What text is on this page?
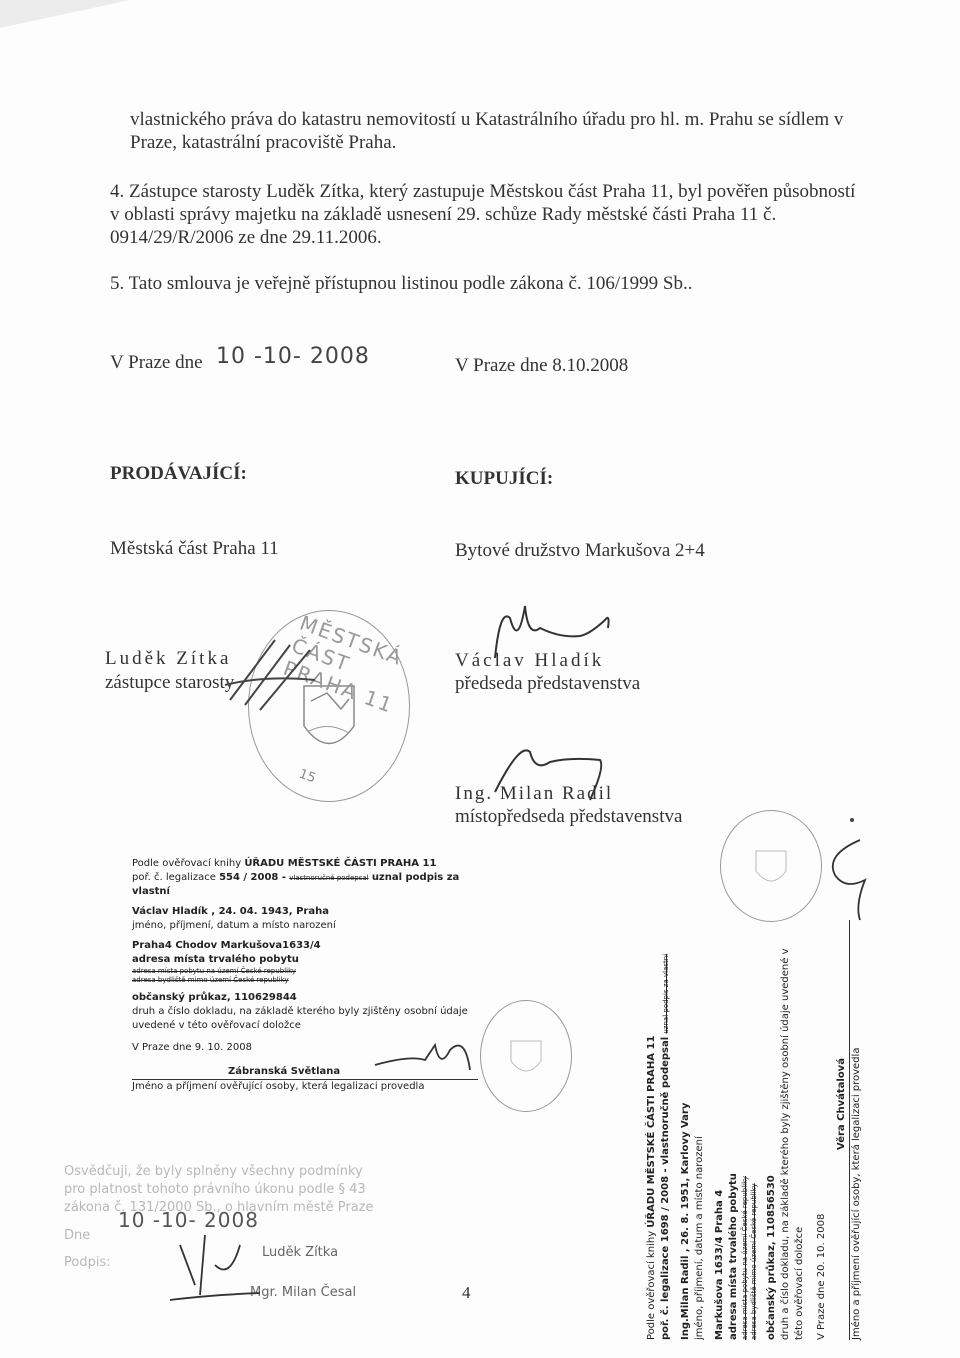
vlastnického práva do katastru nemovitostí u Katastrálního úřadu pro hl. m. Prahu se sídlem v Praze, katastrální pracoviště Praha.
4. Zástupce starosty Luděk Zítka, který zastupuje Městskou část Praha 11, byl pověřen působností v oblasti správy majetku na základě usnesení 29. schůze Rady městské části Praha 11 č. 0914/29/R/2006 ze dne 29.11.2006.
5. Tato smlouva je veřejně přístupnou listinou podle zákona č. 106/1999 Sb..
V Praze dne 10 -10- 2008	V Praze dne 8.10.2008
PRODÁVAJÍCÍ:	KUPUJÍCÍ:
Městská část Praha 11	Bytové družstvo Markušova 2+4
Luděk Zítka
zástupce starosty
Václav Hladík
předseda představenstva
Ing. Milan Radil
místopředseda představenstva
MĚSTSKÁ ČÁST PRAHA 11
15
Podle ověřovací knihy ÚŘADU MĚSTSKÉ ČÁSTI PRAHA 11
poř. č. legalizace 554 / 2008 - vlastnoručně podepsal uznal podpis za vlastní
Václav Hladík , 24. 04. 1943, Praha
jméno, příjmení, datum a místo narození
Praha4 Chodov Markušova1633/4
adresa místa trvalého pobytu
adresa místa pobytu na území České republiky
adresa bydliště mimo území České republiky
občanský průkaz, 110629844
druh a číslo dokladu, na základě kterého byly zjištěny osobní údaje uvedené v této ověřovací doložce
V Praze dne 9. 10. 2008
Zábranská Světlana
Jméno a příjmení ověřující osoby, která legalizaci provedla
Osvědčuji, že byly splněny všechny podmínky
pro platnost tohoto právního úkonu podle § 43
zákona č. 131/2000 Sb., o hlavním městě Praze
10 -10- 2008
Dne
Podpis:
Luděk Zítka
Mgr. Milan Česal	4	Podle ověřovací knihy ÚŘADU MĚSTSKÉ ČÁSTI PRAHA 11 poř. č. legalizace 1698 / 2008 - vlastnoručně podepsal uznal podpis za vlastní
Ing.Milan Radil , 26. 8. 1951, Karlovy Vary jméno, příjmení, datum a místo narození Markušova 1633/4 Praha 4 adresa místa trvalého pobytu adresa místa pobytu na území České republiky adresa bydliště mimo území České republiky občanský průkaz, 110856530 druh a číslo dokladu, na základě kterého byly zjištěny osobní údaje uvedené v této ověřovací doložce V Praze dne 20. 10. 2008
Věra Chvátalová Jméno a příjmení ověřující osoby, která legalizaci provedla
